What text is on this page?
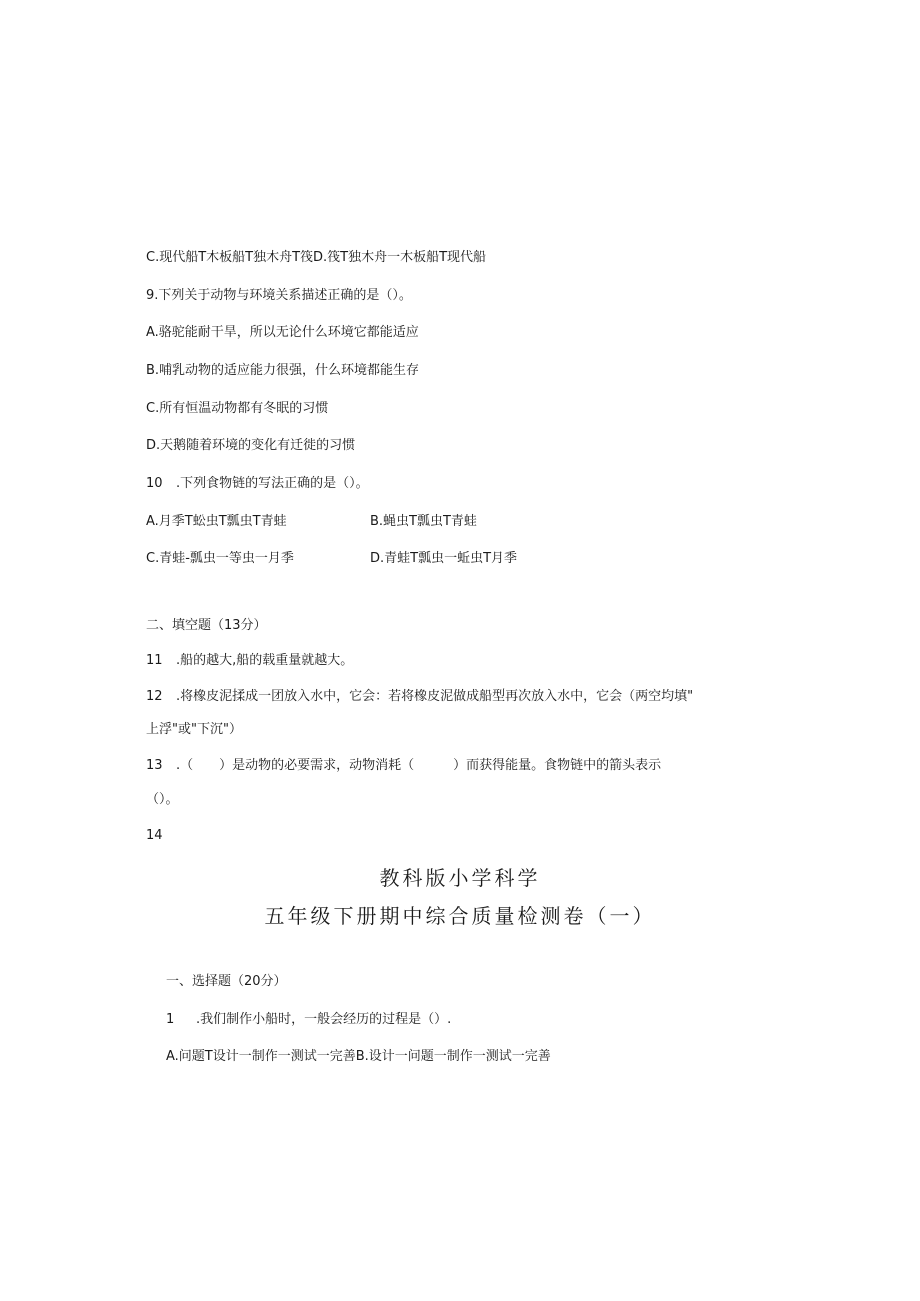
C.现代船T木板船T独木舟T筏D.筏T独木舟一木板船T现代船
9.下列关于动物与环境关系描述正确的是（）。
A.骆驼能耐干旱，所以无论什么环境它都能适应
B.哺乳动物的适应能力很强，什么环境都能生存
C.所有恒温动物都有冬眠的习惯
D.天鹅随着环境的变化有迁徙的习惯
10 .下列食物链的写法正确的是（）。
A.月季T蚣虫T瓢虫T青蛙	B.蝇虫T瓢虫T青蛙
C.青蛙-瓢虫一等虫一月季	D.青蛙T瓢虫一蚯虫T月季
二、填空题（13分）
11 .船的越大,船的载重量就越大。
12 .将橡皮泥揉成一团放入水中，它会：若将橡皮泥做成船型再次放入水中，它会（两空均填"
上浮"或"下沉"）
13 .（　　）是动物的必要需求，动物消耗（　　　）而获得能量。食物链中的箭头表示
（）。
14
教科版小学科学
五年级下册期中综合质量检测卷（一）
一、选择题（20分）
1 .我们制作小船时，一般会经历的过程是（）.
A.问题T设计一制作一测试一完善B.设计一问题一制作一测试一完善
